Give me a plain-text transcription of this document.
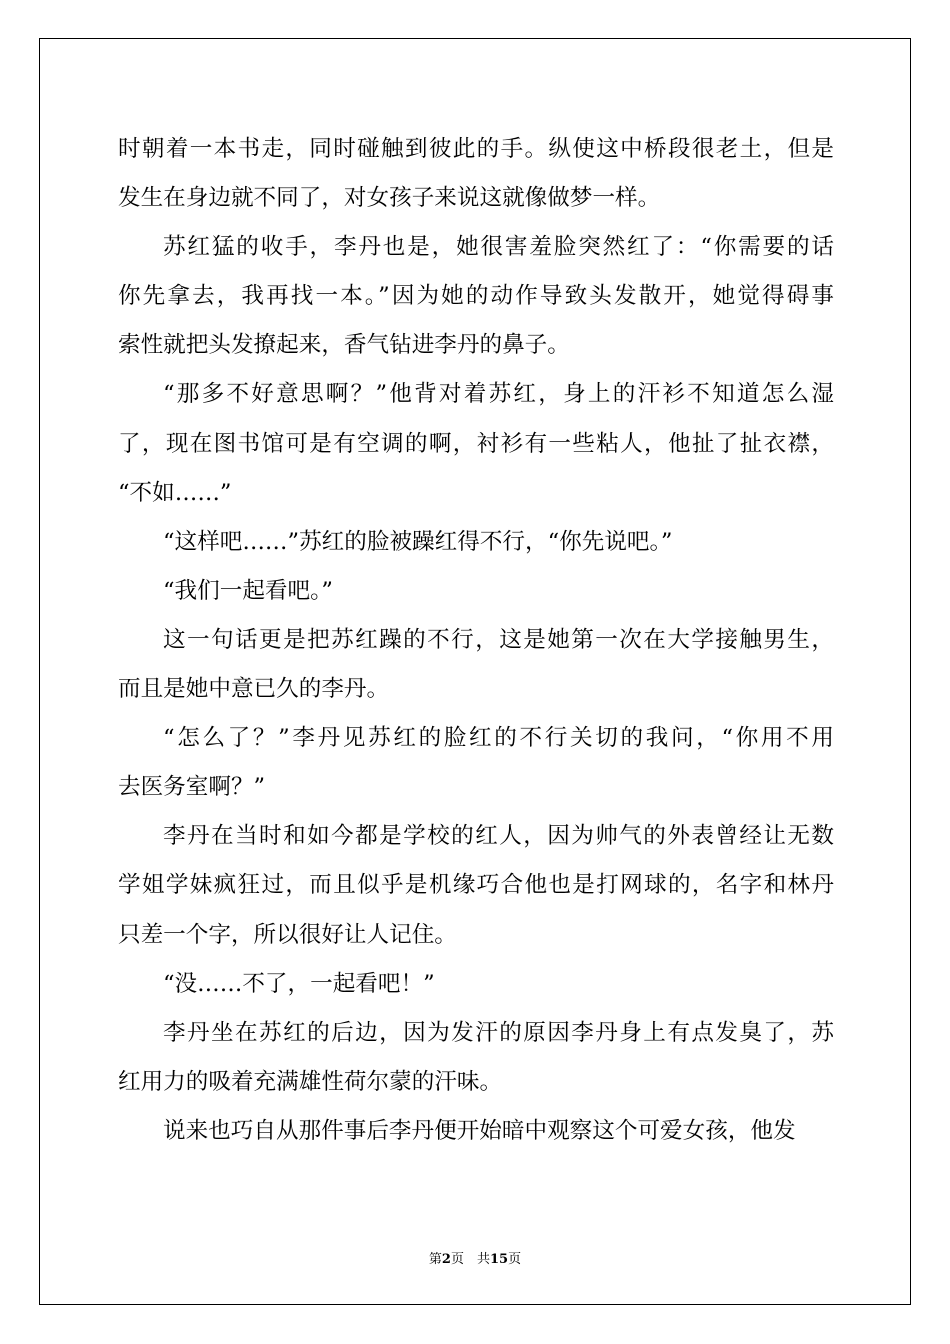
时朝着一本书走，同时碰触到彼此的手。纵使这中桥段很老土，但是
发生在身边就不同了，对女孩子来说这就像做梦一样。
苏红猛的收手，李丹也是，她很害羞脸突然红了：“你需要的话
你先拿去，我再找一本。”因为她的动作导致头发散开，她觉得碍事
索性就把头发撩起来，香气钻进李丹的鼻子。
“那多不好意思啊？”他背对着苏红，身上的汗衫不知道怎么湿
了，现在图书馆可是有空调的啊，衬衫有一些粘人，他扯了扯衣襟，
“不如……”
“这样吧……”苏红的脸被躁红得不行，“你先说吧。”
“我们一起看吧。”
这一句话更是把苏红躁的不行，这是她第一次在大学接触男生，
而且是她中意已久的李丹。
“怎么了？”李丹见苏红的脸红的不行关切的我问，“你用不用
去医务室啊？”
李丹在当时和如今都是学校的红人，因为帅气的外表曾经让无数
学姐学妹疯狂过，而且似乎是机缘巧合他也是打网球的，名字和林丹
只差一个字，所以很好让人记住。
“没……不了，一起看吧！”
李丹坐在苏红的后边，因为发汗的原因李丹身上有点发臭了，苏
红用力的吸着充满雄性荷尔蒙的汗味。
说来也巧自从那件事后李丹便开始暗中观察这个可爱女孩，他发
第2页　共15页
